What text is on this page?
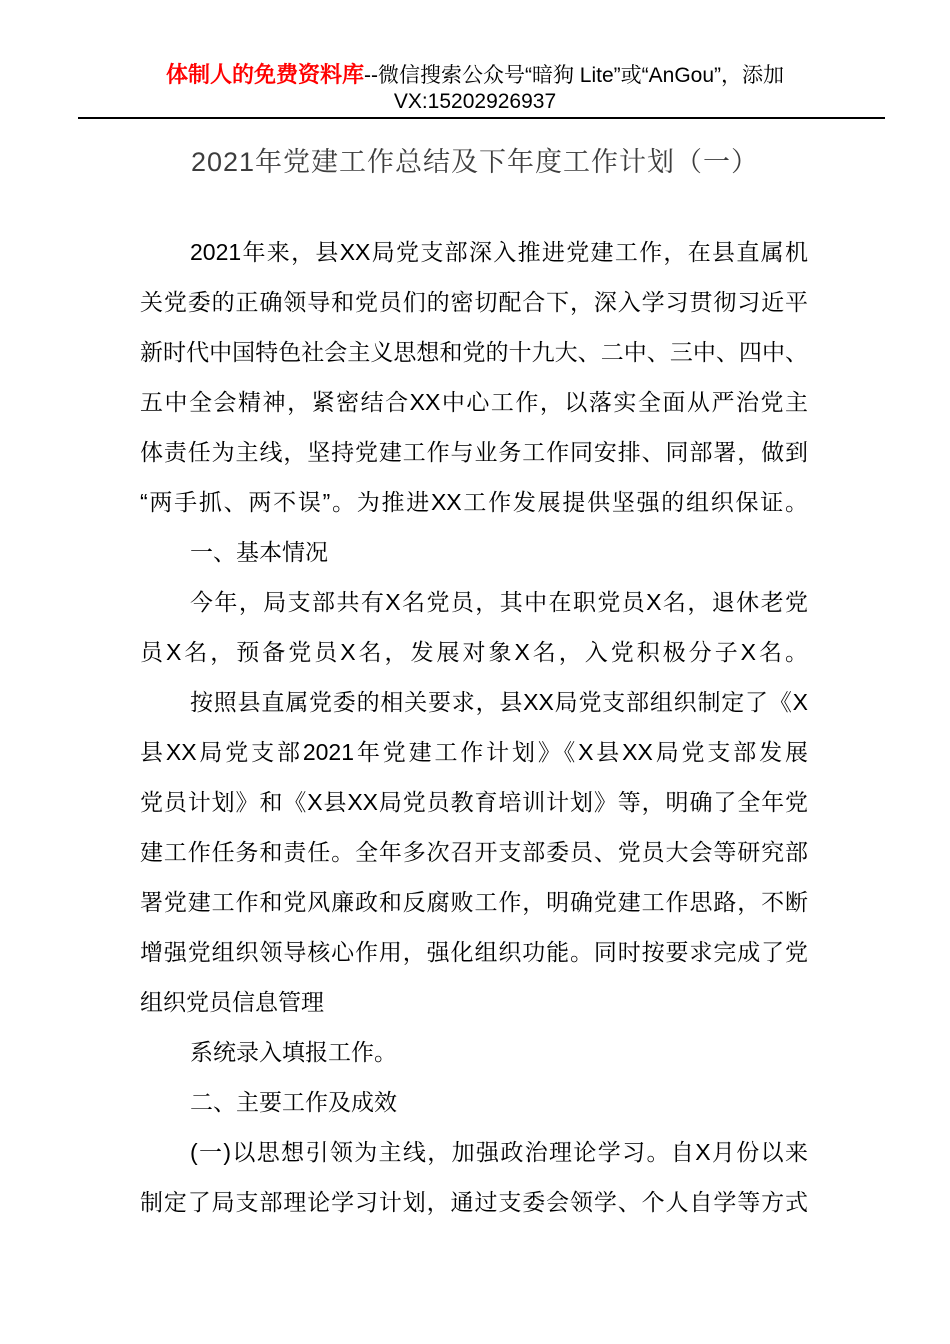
体制人的免费资料库--微信搜索公众号“暗狗 Lite”或“AnGou”，添加
VX:15202926937
2021年党建工作总结及下年度工作计划（一）
2021年来，县XX局党支部深入推进党建工作，在县直属机
关党委的正确领导和党员们的密切配合下，深入学习贯彻习近平
新时代中国特色社会主义思想和党的十九大、二中、三中、四中、
五中全会精神，紧密结合XX中心工作，以落实全面从严治党主
体责任为主线，坚持党建工作与业务工作同安排、同部署，做到
“两手抓、两不误”。为推进XX工作发展提供坚强的组织保证。
一、基本情况
今年，局支部共有X名党员，其中在职党员X名，退休老党
员X名，预备党员X名，发展对象X名，入党积极分子X名。
按照县直属党委的相关要求，县XX局党支部组织制定了《X
县XX局党支部2021年党建工作计划》《X县XX局党支部发展
党员计划》和《X县XX局党员教育培训计划》等，明确了全年党
建工作任务和责任。全年多次召开支部委员、党员大会等研究部
署党建工作和党风廉政和反腐败工作，明确党建工作思路，不断
增强党组织领导核心作用，强化组织功能。同时按要求完成了党
组织党员信息管理
系统录入填报工作。
二、主要工作及成效
(一)以思想引领为主线，加强政治理论学习。自X月份以来
制定了局支部理论学习计划，通过支委会领学、个人自学等方式
